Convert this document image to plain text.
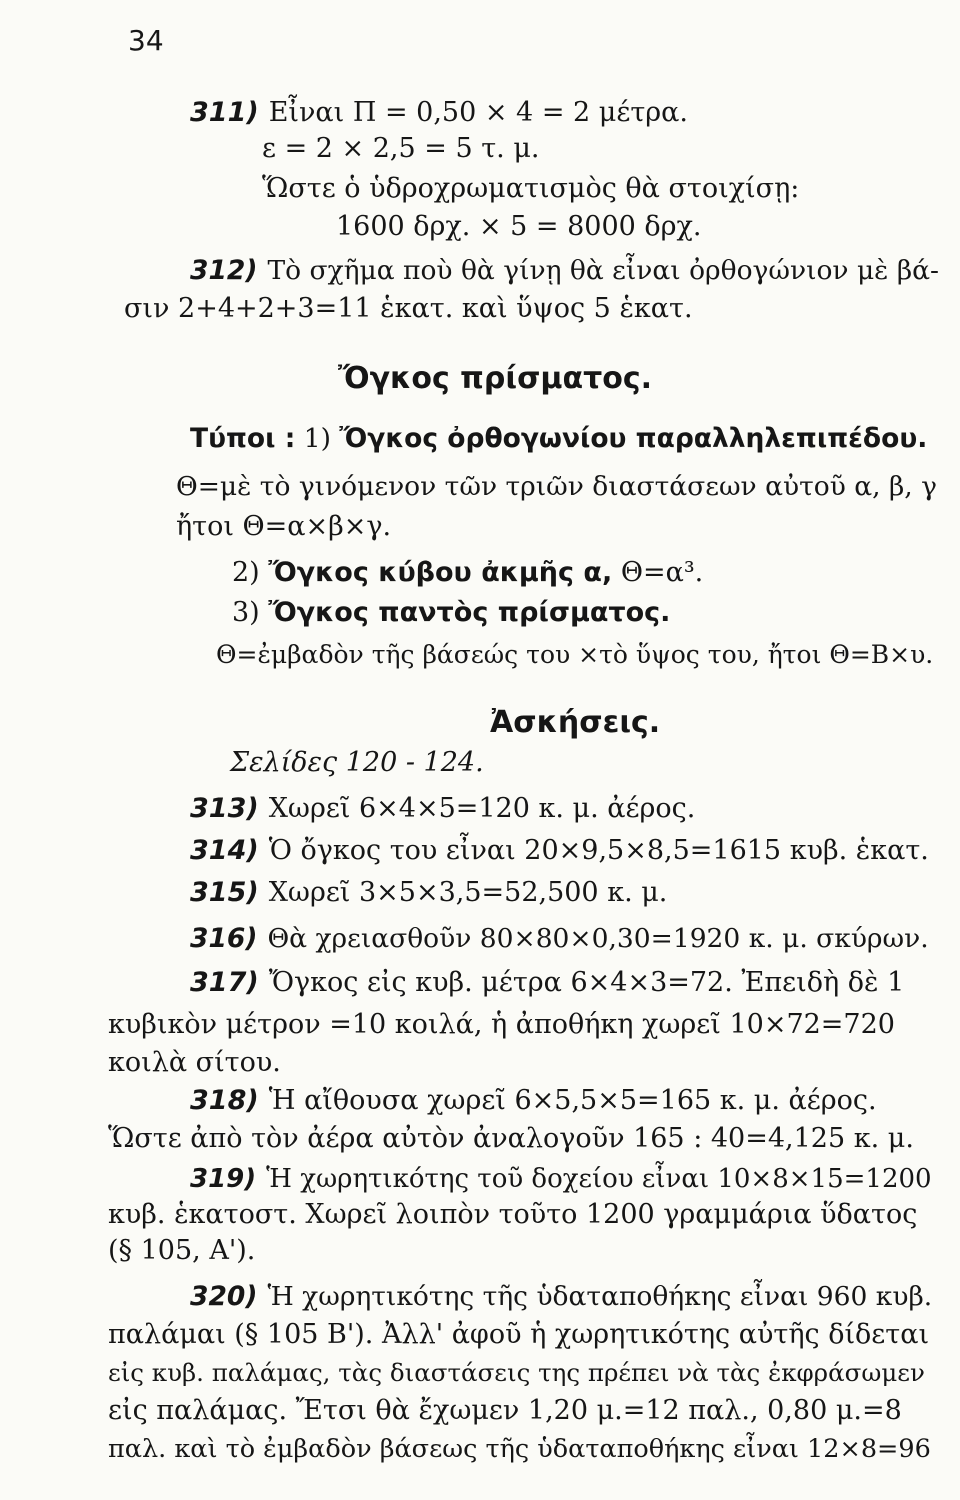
34
311) Εἶναι Π = 0,50 × 4 = 2 μέτρα.
ε = 2 × 2,5 = 5 τ. μ.
Ὥστε ὁ ὑδροχρωματισμὸς θὰ στοιχίσῃ:
1600 δρχ. × 5 = 8000 δρχ.
312) Τὸ σχῆμα ποὺ θὰ γίνῃ θὰ εἶναι ὀρθογώνιον μὲ βά-
σιν 2+4+2+3=11 ἑκατ. καὶ ὕψος 5 ἑκατ.
Ὄγκος πρίσματος.
Τύποι : 1) Ὄγκος ὀρθογωνίου παραλληλεπιπέδου.
Θ=μὲ τὸ γινόμενον τῶν τριῶν διαστάσεων αὐτοῦ α, β, γ
ἤτοι Θ=α×β×γ.
2) Ὄγκος κύβου ἀκμῆς α, Θ=α³.
3) Ὄγκος παντὸς πρίσματος.
Θ=ἐμβαδὸν τῆς βάσεώς του ×τὸ ὕψος του, ἤτοι Θ=Β×υ.
Ἀσκήσεις.
Σελίδες 120 - 124.
313) Χωρεῖ 6×4×5=120 κ. μ. ἀέρος.
314) Ὁ ὄγκος του εἶναι 20×9,5×8,5=1615 κυβ. ἑκατ.
315) Χωρεῖ 3×5×3,5=52,500 κ. μ.
316) Θὰ χρειασθοῦν 80×80×0,30=1920 κ. μ. σκύρων.
317) Ὄγκος εἰς κυβ. μέτρα 6×4×3=72. Ἐπειδὴ δὲ 1
κυβικὸν μέτρον =10 κοιλά, ἡ ἀποθήκη χωρεῖ 10×72=720
κοιλὰ σίτου.
318) Ἡ αἴθουσα χωρεῖ 6×5,5×5=165 κ. μ. ἀέρος.
Ὥστε ἀπὸ τὸν ἀέρα αὐτὸν ἀναλογοῦν 165 : 40=4,125 κ. μ.
319) Ἡ χωρητικότης τοῦ δοχείου εἶναι 10×8×15=1200
κυβ. ἑκατοστ. Χωρεῖ λοιπὸν τοῦτο 1200 γραμμάρια ὕδατος
(§ 105, Α').
320) Ἡ χωρητικότης τῆς ὑδαταποθήκης εἶναι 960 κυβ.
παλάμαι (§ 105 Β'). Ἀλλ' ἀφοῦ ἡ χωρητικότης αὐτῆς δίδεται
εἰς κυβ. παλάμας, τὰς διαστάσεις της πρέπει νὰ τὰς ἐκφράσωμεν
εἰς παλάμας. Ἔτσι θὰ ἔχωμεν 1,20 μ.=12 παλ., 0,80 μ.=8
παλ. καὶ τὸ ἐμβαδὸν βάσεως τῆς ὑδαταποθήκης εἶναι 12×8=96
